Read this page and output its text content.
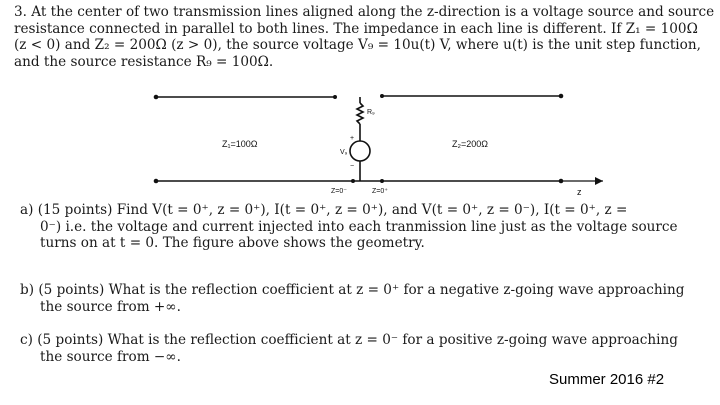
3. At the center of two transmission lines aligned along the z-direction is a voltage source and source
resistance connected in parallel to both lines. The impedance in each line is different. If Z₁ = 100Ω
(z < 0) and Z₂ = 200Ω (z > 0), the source voltage V₉ = 10u(t) V, where u(t) is the unit step function,
and the source resistance R₉ = 100Ω.
Z₁=100Ω	Z₂=200Ω
R₉
V₉
+
−
Z=0⁻	Z=0⁺	z
a) (15 points) Find V(t = 0⁺, z = 0⁺), I(t = 0⁺, z = 0⁺), and V(t = 0⁺, z = 0⁻), I(t = 0⁺, z =
0⁻) i.e. the voltage and current injected into each tranmission line just as the voltage source
turns on at t = 0. The figure above shows the geometry.
b) (5 points) What is the reflection coefficient at z = 0⁺ for a negative z-going wave approaching
the source from +∞.
c) (5 points) What is the reflection coefficient at z = 0⁻ for a positive z-going wave approaching
the source from −∞.
Summer 2016 #2
